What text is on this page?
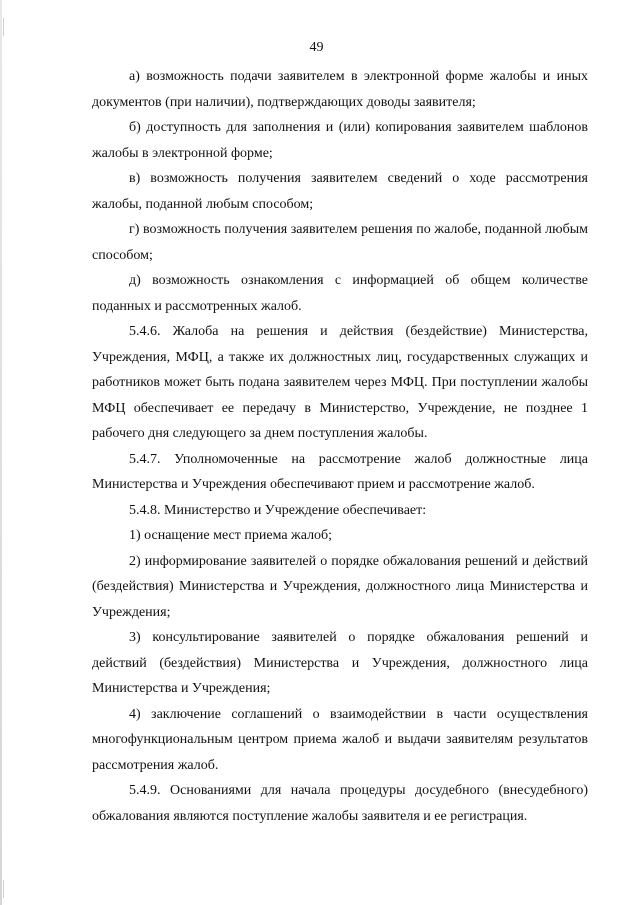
49

а) возможность подачи заявителем в электронной форме жалобы и иных документов (при наличии), подтверждающих доводы заявителя;

б) доступность для заполнения и (или) копирования заявителем шаблонов жалобы в электронной форме;

в) возможность получения заявителем сведений о ходе рассмотрения жалобы, поданной любым способом;

г) возможность получения заявителем решения по жалобе, поданной любым способом;

д) возможность ознакомления с информацией об общем количестве поданных и рассмотренных жалоб.

5.4.6. Жалоба на решения и действия (бездействие) Министерства, Учреждения, МФЦ, а также их должностных лиц, государственных служащих и работников может быть подана заявителем через МФЦ. При поступлении жалобы МФЦ обеспечивает ее передачу в Министерство, Учреждение, не позднее 1 рабочего дня следующего за днем поступления жалобы.

5.4.7. Уполномоченные на рассмотрение жалоб должностные лица Министерства и Учреждения обеспечивают прием и рассмотрение жалоб.

5.4.8. Министерство и Учреждение обеспечивает:

1) оснащение мест приема жалоб;

2) информирование заявителей о порядке обжалования решений и действий (бездействия) Министерства и Учреждения, должностного лица Министерства и Учреждения;

3) консультирование заявителей о порядке обжалования решений и действий (бездействия) Министерства и Учреждения, должностного лица Министерства и Учреждения;

4) заключение соглашений о взаимодействии в части осуществления многофункциональным центром приема жалоб и выдачи заявителям результатов рассмотрения жалоб.

5.4.9. Основаниями для начала процедуры досудебного (внесудебного) обжалования являются поступление жалобы заявителя и ее регистрация.
